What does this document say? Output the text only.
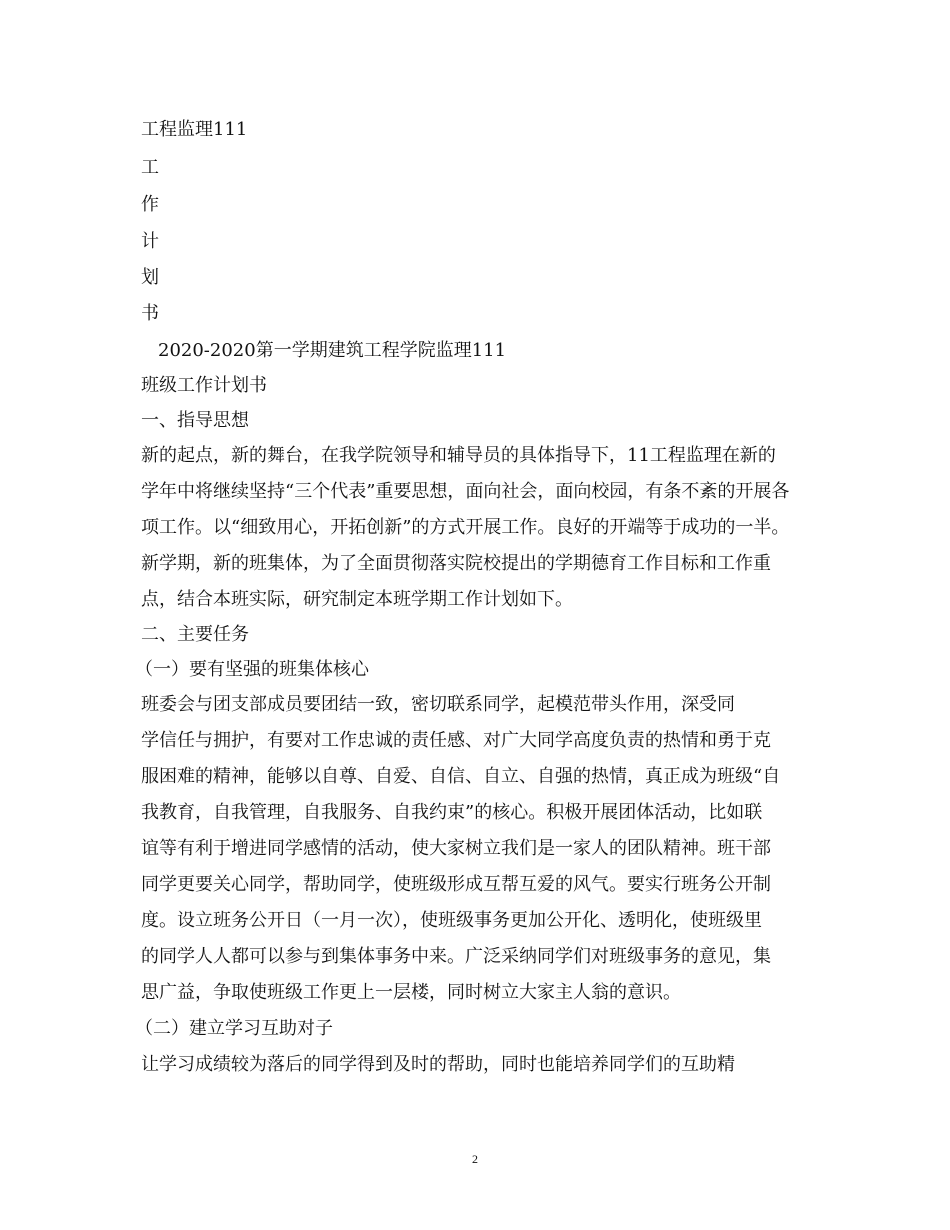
工程监理111
工
作
计
划
书
2020-2020第一学期建筑工程学院监理111
班级工作计划书
一、指导思想
新的起点，新的舞台，在我学院领导和辅导员的具体指导下，11工程监理在新的
学年中将继续坚持“三个代表”重要思想，面向社会，面向校园，有条不紊的开展各
项工作。以“细致用心，开拓创新”的方式开展工作。良好的开端等于成功的一半。
新学期，新的班集体，为了全面贯彻落实院校提出的学期德育工作目标和工作重
点，结合本班实际，研究制定本班学期工作计划如下。
二、主要任务
（一）要有坚强的班集体核心
班委会与团支部成员要团结一致，密切联系同学，起模范带头作用，深受同
学信任与拥护，有要对工作忠诚的责任感、对广大同学高度负责的热情和勇于克
服困难的精神，能够以自尊、自爱、自信、自立、自强的热情，真正成为班级“自
我教育，自我管理，自我服务、自我约束”的核心。积极开展团体活动，比如联
谊等有利于增进同学感情的活动，使大家树立我们是一家人的团队精神。班干部
同学更要关心同学，帮助同学，使班级形成互帮互爱的风气。要实行班务公开制
度。设立班务公开日（一月一次），使班级事务更加公开化、透明化，使班级里
的同学人人都可以参与到集体事务中来。广泛采纳同学们对班级事务的意见，集
思广益，争取使班级工作更上一层楼，同时树立大家主人翁的意识。
（二）建立学习互助对子
让学习成绩较为落后的同学得到及时的帮助，同时也能培养同学们的互助精
2
